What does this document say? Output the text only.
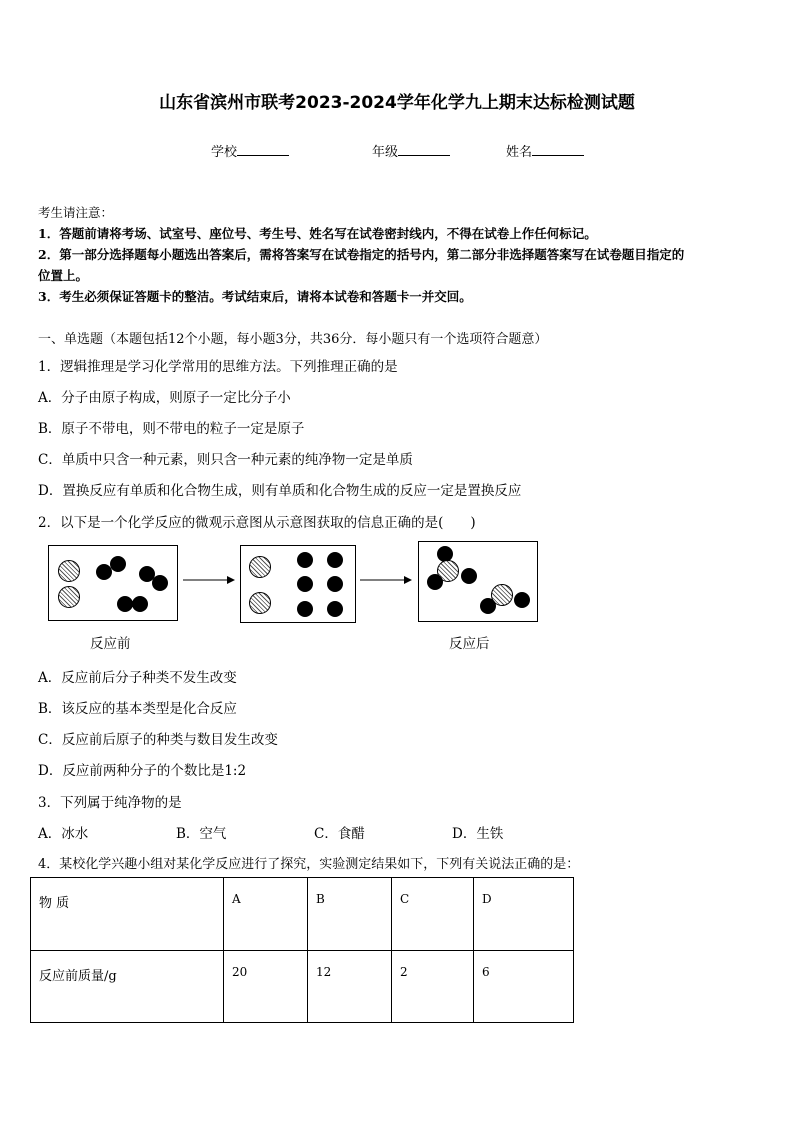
山东省滨州市联考2023-2024学年化学九上期末达标检测试题
学校	年级	姓名
考生请注意：
1．答题前请将考场、试室号、座位号、考生号、姓名写在试卷密封线内，不得在试卷上作任何标记。
2．第一部分选择题每小题选出答案后，需将答案写在试卷指定的括号内，第二部分非选择题答案写在试卷题目指定的
位置上。
3．考生必须保证答题卡的整洁。考试结束后，请将本试卷和答题卡一并交回。
一、单选题（本题包括12个小题，每小题3分，共36分．每小题只有一个选项符合题意）
1．逻辑推理是学习化学常用的思维方法。下列推理正确的是
A．分子由原子构成，则原子一定比分子小
B．原子不带电，则不带电的粒子一定是原子
C．单质中只含一种元素，则只含一种元素的纯净物一定是单质
D．置换反应有单质和化合物生成，则有单质和化合物生成的反应一定是置换反应
2．以下是一个化学反应的微观示意图从示意图获取的信息正确的是(　　)
反应前	反应后
A．反应前后分子种类不发生改变
B．该反应的基本类型是化合反应
C．反应前后原子的种类与数目发生改变
D．反应前两种分子的个数比是1:2
3．下列属于纯净物的是
A．冰水	B．空气	C．食醋	D．生铁
4．某校化学兴趣小组对某化学反应进行了探究，实验测定结果如下，下列有关说法正确的是：
物 质	A	B	C	D
反应前质量/g	20	12	2	6
